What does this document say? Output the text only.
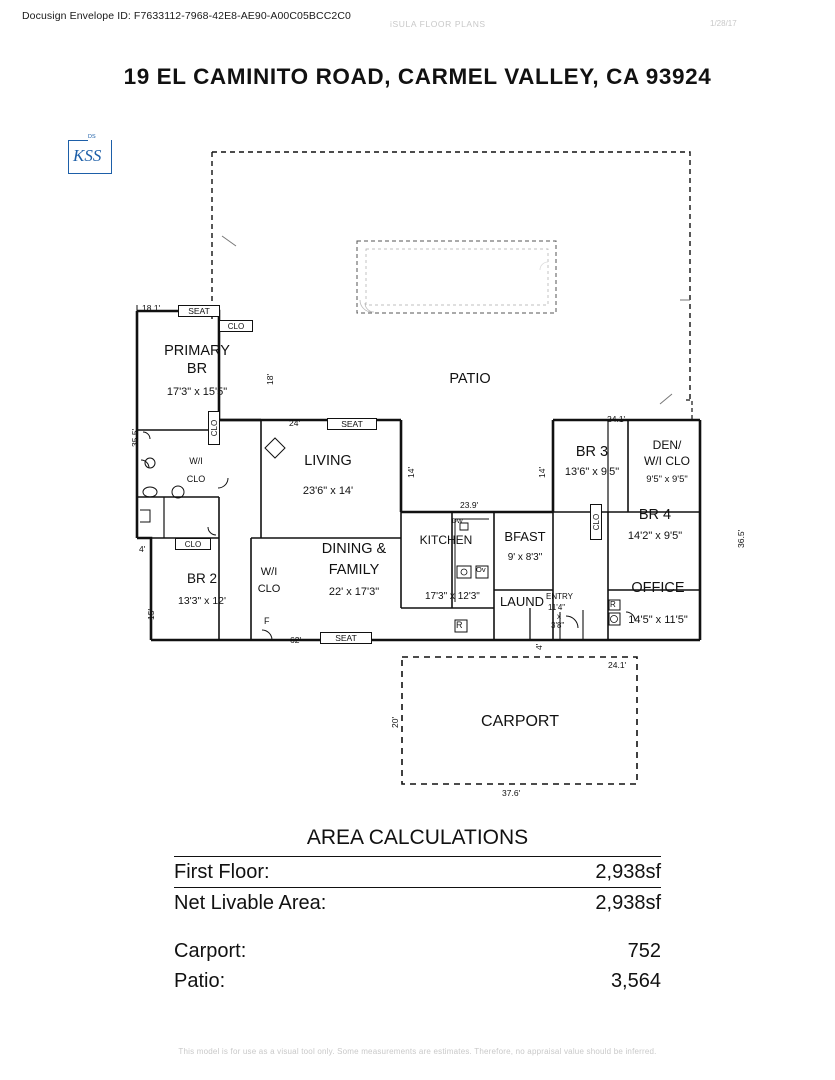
Docusign Envelope ID: F7633112-7968-42E8-AE90-A00C05BCC2C0
iSULA FLOOR PLANS	1/28/17
19 EL CAMINITO ROAD, CARMEL VALLEY, CA 93924
DS
KSS
SEAT
CLO
18.1'
18'
35.5'
PRIMARY
BR
17'3" x 15'5"
PATIO
CLO
W/I
CLO
CLO
24'	SEAT
LIVING
23'6" x 14'
14'	14'
23.9'
24.1'
36.5'
BR 3
13'6" x 9'5"
DEN/
W/I CLO
9'5" x 9'5"
BR 4
14'2" x 9'5"
CLO
KITCHEN	BFAST
9' x 8'3"
Ov
DW
DINING &
FAMILY
22' x 17'3"
BR 2
13'3" x 12'
W/I
CLO
F
4'
15'
LAUND
17'3" x 12'3"
R
R
ENTRY
11'4"
x
3'8"
OFFICE
14'5" x 11'5"
62'	SEAT
4'
24.1'
CARPORT
20'
37.6'
AREA CALCULATIONS
First Floor:	2,938sf
Net Livable Area:	2,938sf
Carport:	752
Patio:	3,564
This model is for use as a visual tool only. Some measurements are estimates. Therefore, no appraisal value should be inferred.
